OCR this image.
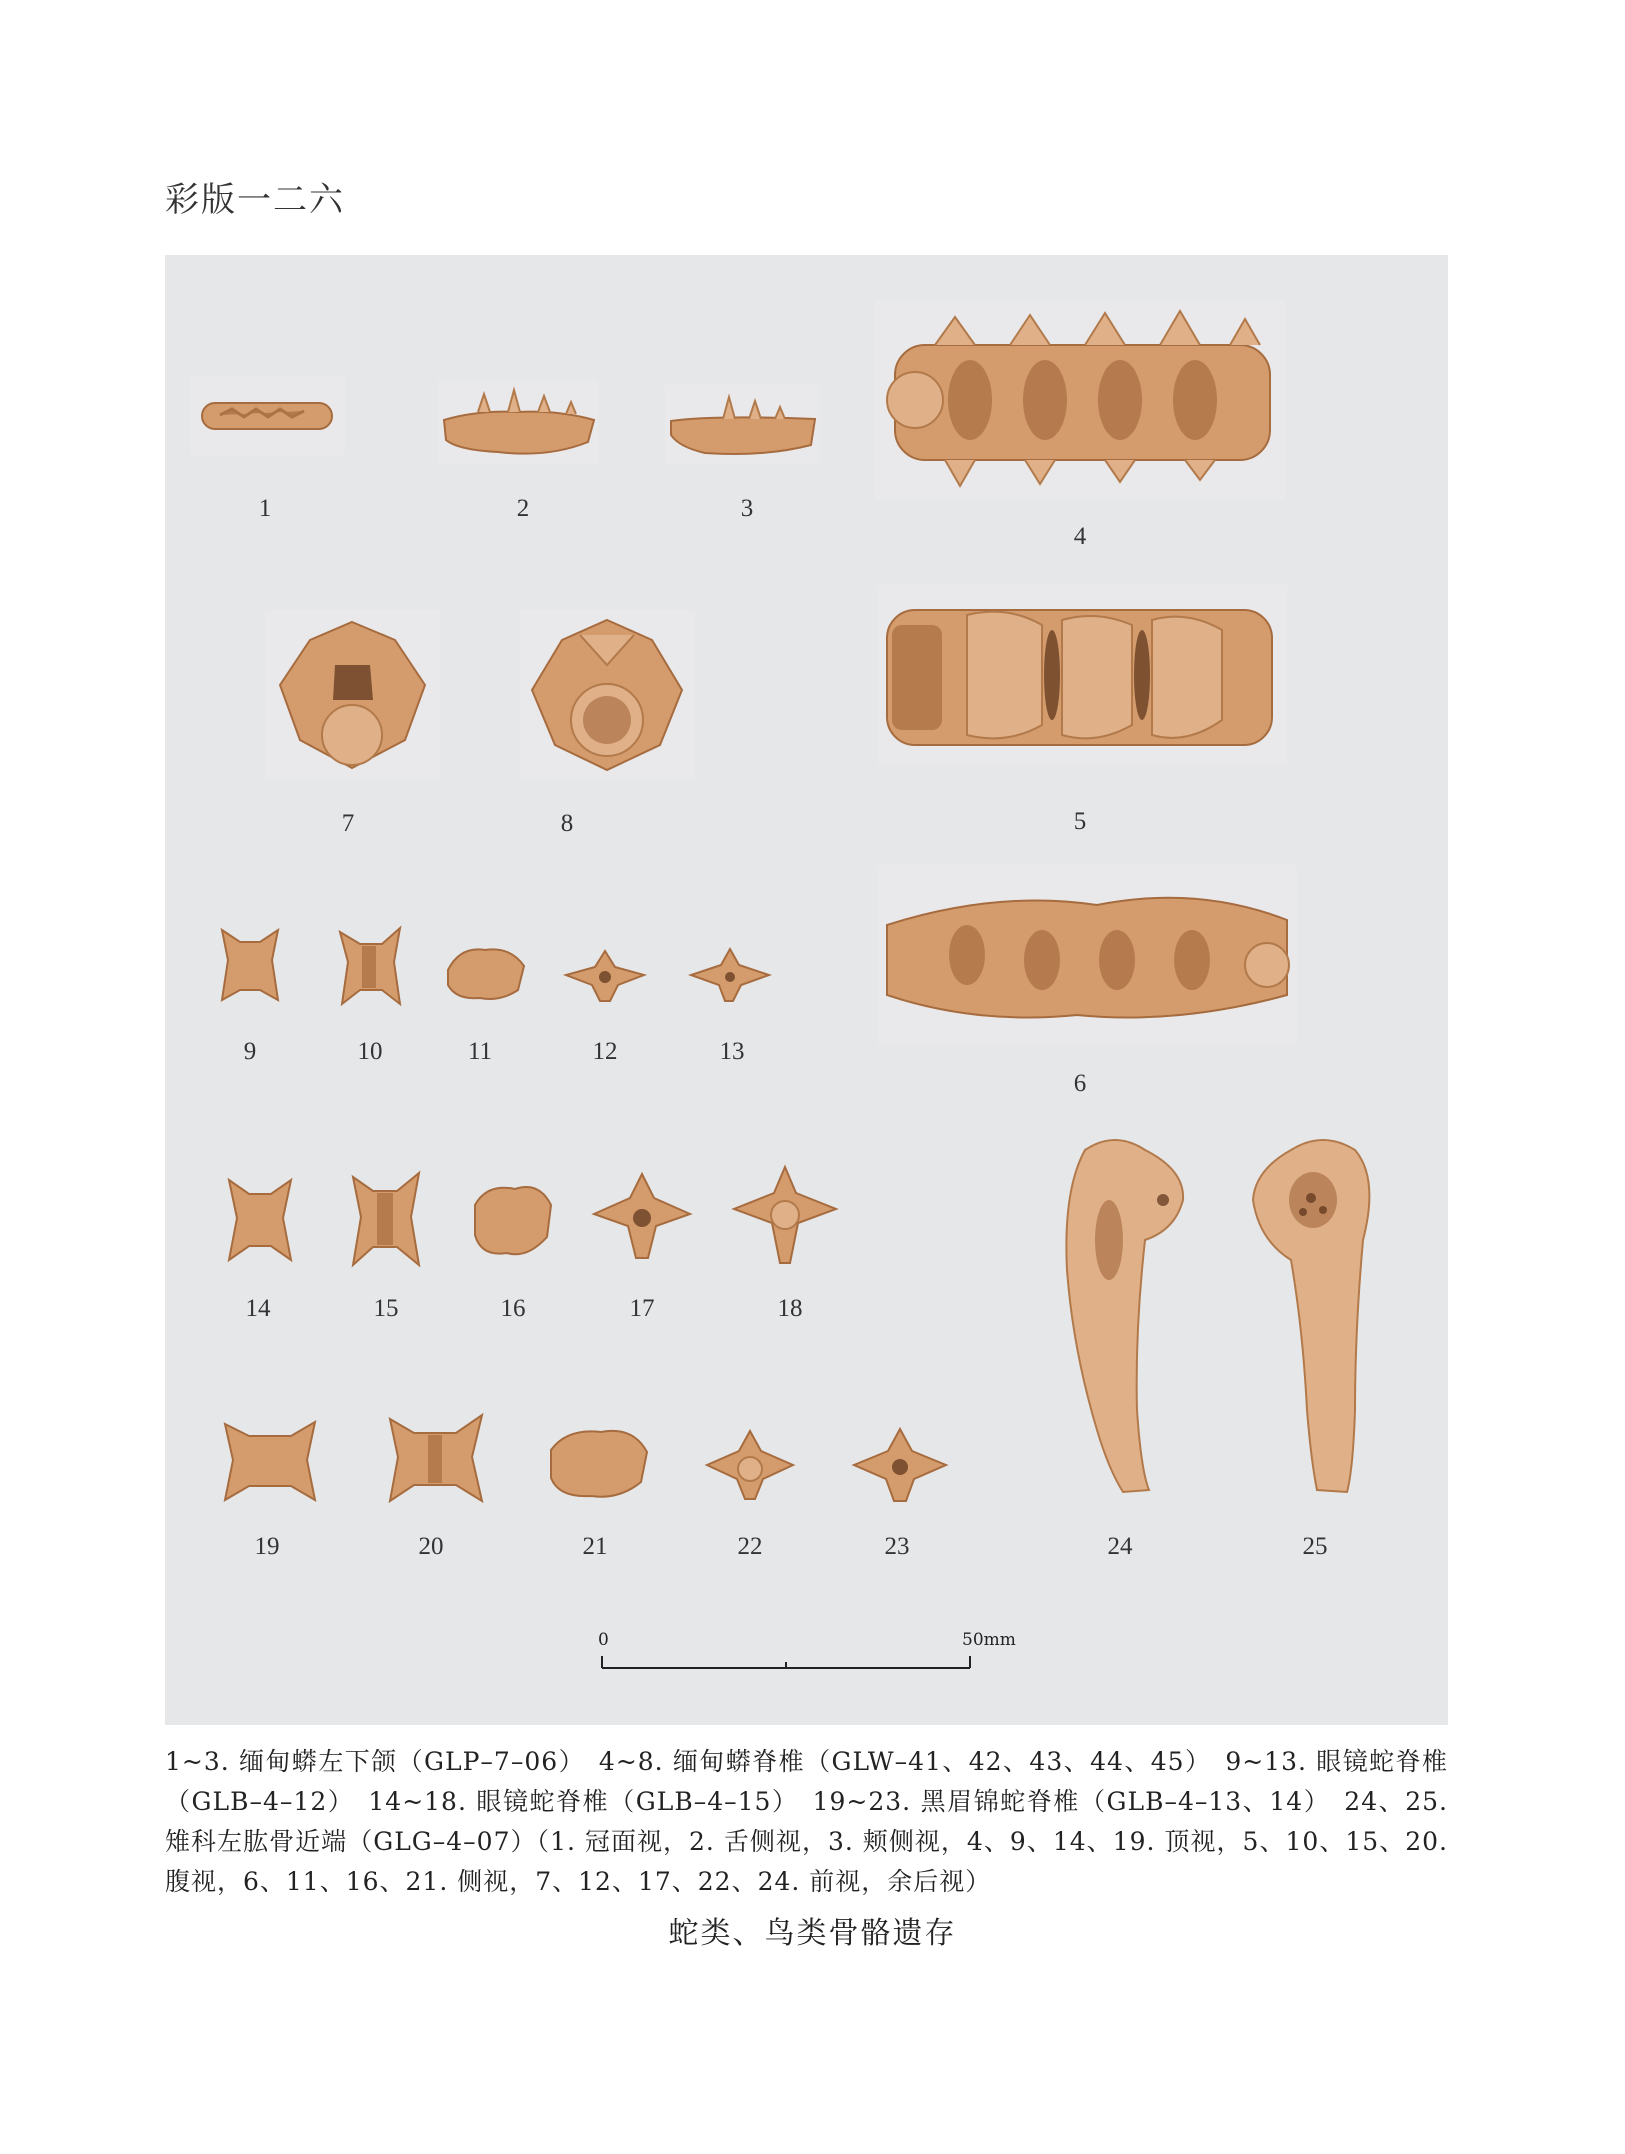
彩版一二六
1	2	3
4
5
6
7	8
9	10	11	12	13
14	15	16	17	18
19	20	21	22	23	24	25
0	50mm
1~3. 缅甸蟒左下颌（GLP–7–06）　4~8. 缅甸蟒脊椎（GLW–41、42、43、44、45）　9~13. 眼镜蛇脊椎（GLB–4–12）　14~18. 眼镜蛇脊椎（GLB–4–15）　19~23. 黑眉锦蛇脊椎（GLB–4–13、14）　24、25. 雉科左肱骨近端（GLG–4–07）（1. 冠面视，2. 舌侧视，3. 颊侧视，4、9、14、19. 顶视，5、10、15、20. 腹视，6、11、16、21. 侧视，7、12、17、22、24. 前视，余后视）
蛇类、鸟类骨骼遗存
